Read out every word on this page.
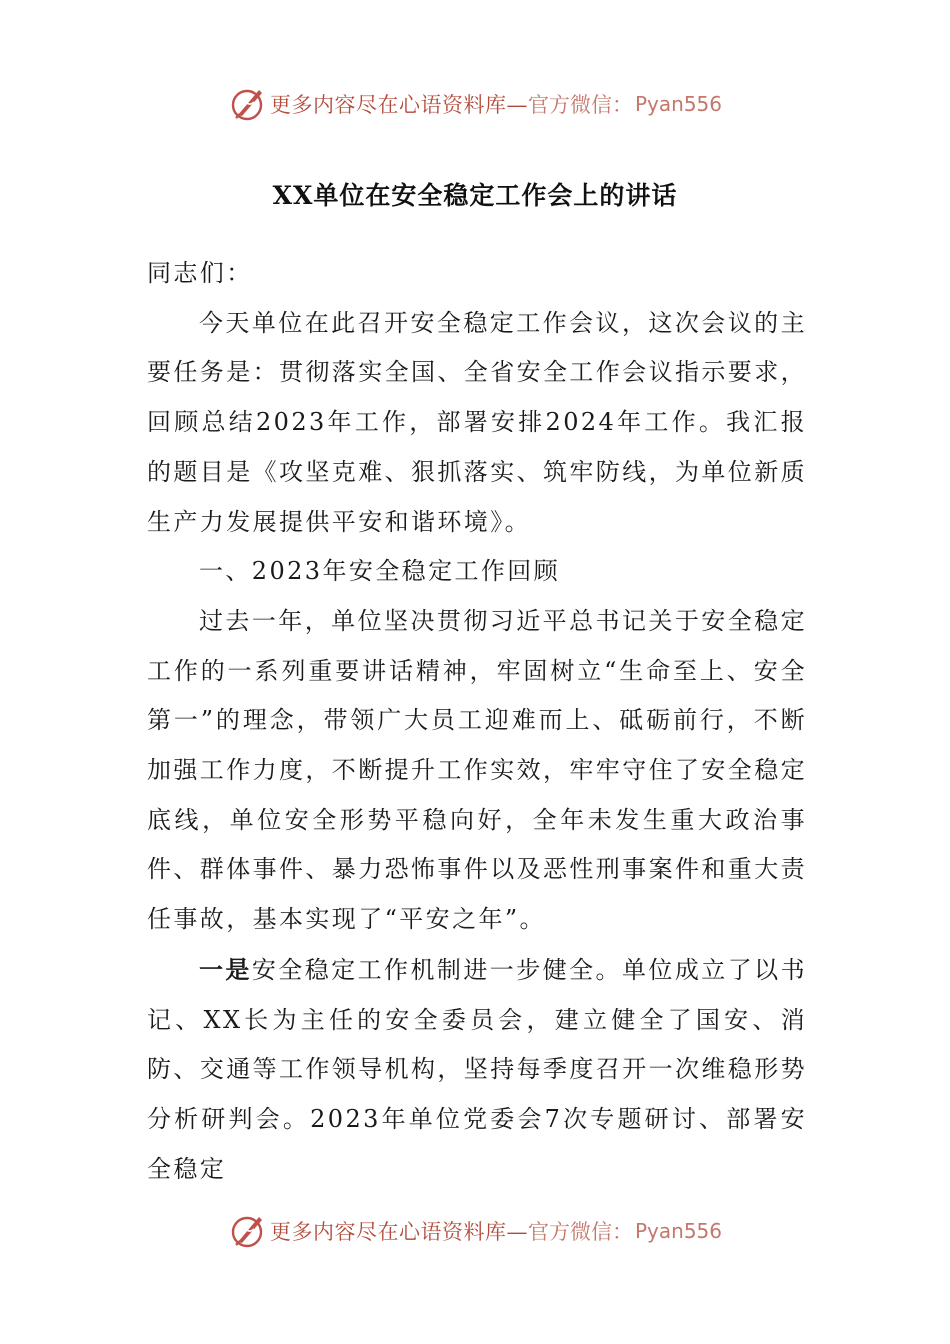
更多内容尽在心语资料库— 官方微信： Pyan556
XX单位在安全稳定工作会上的讲话

同志们：

今天单位在此召开安全稳定工作会议，这次会议的主要任务是：贯彻落实全国、全省安全工作会议指示要求，回顾总结2023年工作，部署安排2024年工作。我汇报的题目是《攻坚克难、狠抓落实、筑牢防线，为单位新质生产力发展提供平安和谐环境》。

一、2023年安全稳定工作回顾

过去一年，单位坚决贯彻习近平总书记关于安全稳定工作的一系列重要讲话精神，牢固树立“生命至上、安全第一”的理念，带领广大员工迎难而上、砥砺前行，不断加强工作力度，不断提升工作实效，牢牢守住了安全稳定底线，单位安全形势平稳向好，全年未发生重大政治事件、群体事件、暴力恐怖事件以及恶性刑事案件和重大责任事故，基本实现了“平安之年”。

一是安全稳定工作机制进一步健全。单位成立了以书记、XX长为主任的安全委员会，建立健全了国安、消防、交通等工作领导机构，坚持每季度召开一次维稳形势分析研判会。2023年单位党委会7次专题研讨、部署安全稳定

更多内容尽在心语资料库— 官方微信： Pyan556
